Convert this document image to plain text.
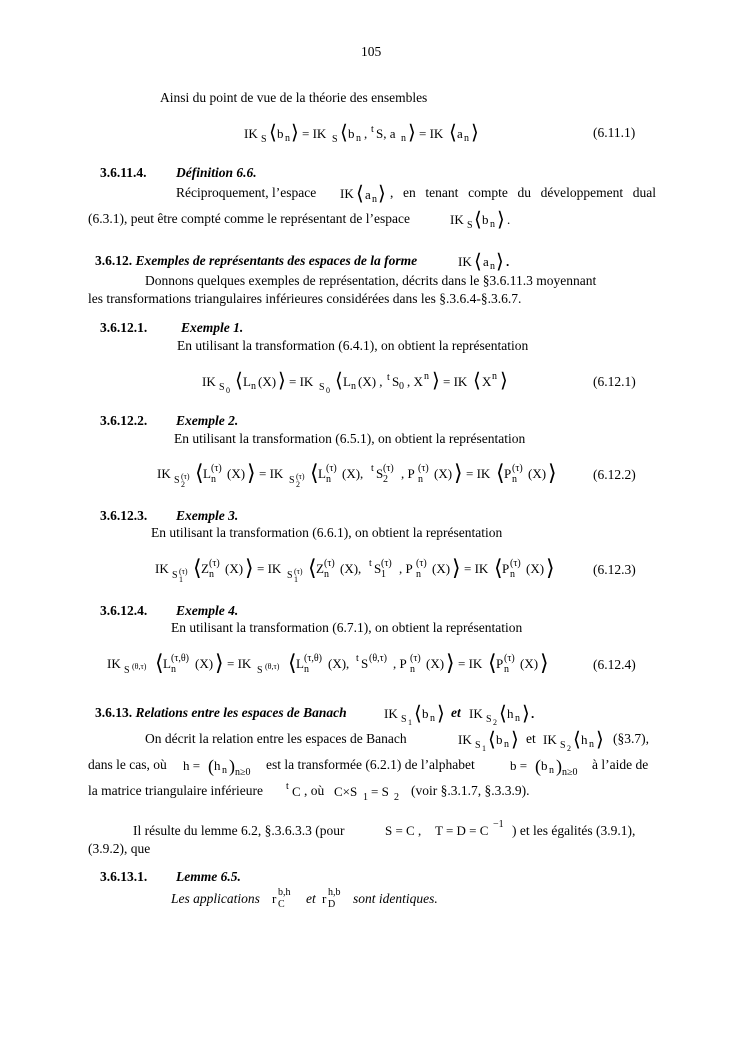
105
Ainsi du point de vue de la théorie des ensembles
IK S ⟨ b n ⟩ = IK S ⟨ b n , t S, a n ⟩ = IK ⟨ a n ⟩	(6.11.1)
3.6.11.4. Définition 6.6.
Réciproquement, l’espace IK ⟨ a n ⟩ , en tenant compte du développement dual
(6.3.1), peut être compté comme le représentant de l’espace	IK S ⟨ b n ⟩ .
3.6.12. Exemples de représentants des espaces de la forme	IK ⟨ a n ⟩ .
Donnons quelques exemples de représentation, décrits dans le §3.6.11.3 moyennant
les transformations triangulaires inférieures considérées dans les §.3.6.4-§.3.6.7.
3.6.12.1.	Exemple 1.
En utilisant la transformation (6.4.1), on obtient la représentation
IK S 0 ⟨ L n (X) ⟩ = IK S 0 ⟨ L n (X) , t S 0 , X n ⟩ = IK ⟨ X n ⟩	(6.12.1)
3.6.12.2. Exemple 2.
En utilisant la transformation (6.5.1), on obtient la représentation
IK S 2
(τ) ⟨ L n
(τ) (X) ⟩ = IK S 2
(τ) ⟨ L n
(τ) (X), t S 2
(τ) , P n
(τ) (X) ⟩ = IK ⟨ P n
(τ) (X) ⟩	(6.12.2)
3.6.12.3. Exemple 3.
En utilisant la transformation (6.6.1), on obtient la représentation
IK S 1
(τ) ⟨ Z n
(τ) (X) ⟩ = IK S 1
(τ) ⟨ Z n
(τ) (X), t S 1
(τ) , P n
(τ) (X) ⟩ = IK ⟨ P n
(τ) (X) ⟩	(6.12.3)
3.6.12.4. Exemple 4.
En utilisant la transformation (6.7.1), on obtient la représentation
IK S (θ,τ) ⟨ L n
(τ,θ) (X) ⟩ = IK S (θ,τ) ⟨ L n
(τ,θ) (X), t S (θ,τ) , P n
(τ) (X) ⟩ = IK ⟨ P n
(τ) (X) ⟩	(6.12.4)
3.6.13. Relations entre les espaces de Banach	IK S 1 ⟨ b n ⟩ IK S 2 ⟨ h n ⟩ .
et
On décrit la relation entre les espaces de Banach	IK S 1 ⟨ b n ⟩ et IK S 2 ⟨ h n ⟩ (§3.7),
dans le cas, où h = ( h n ) n≥0
est la transformée (6.2.1) de l’alphabet	b = ( b n ) n≥0
à l’aide de
la matrice triangulaire inférieure t C , où C×S 1 = S 2 (voir §.3.1.7, §.3.3.9).
Il résulte du lemme 6.2, §.3.6.3.3 (pour	S = C , T = D = C −1 ) et les égalités (3.9.1),
(3.9.2), que
3.6.13.1. Lemme 6.5.
Les applications r b,h
C et r h,b
D sont identiques.
